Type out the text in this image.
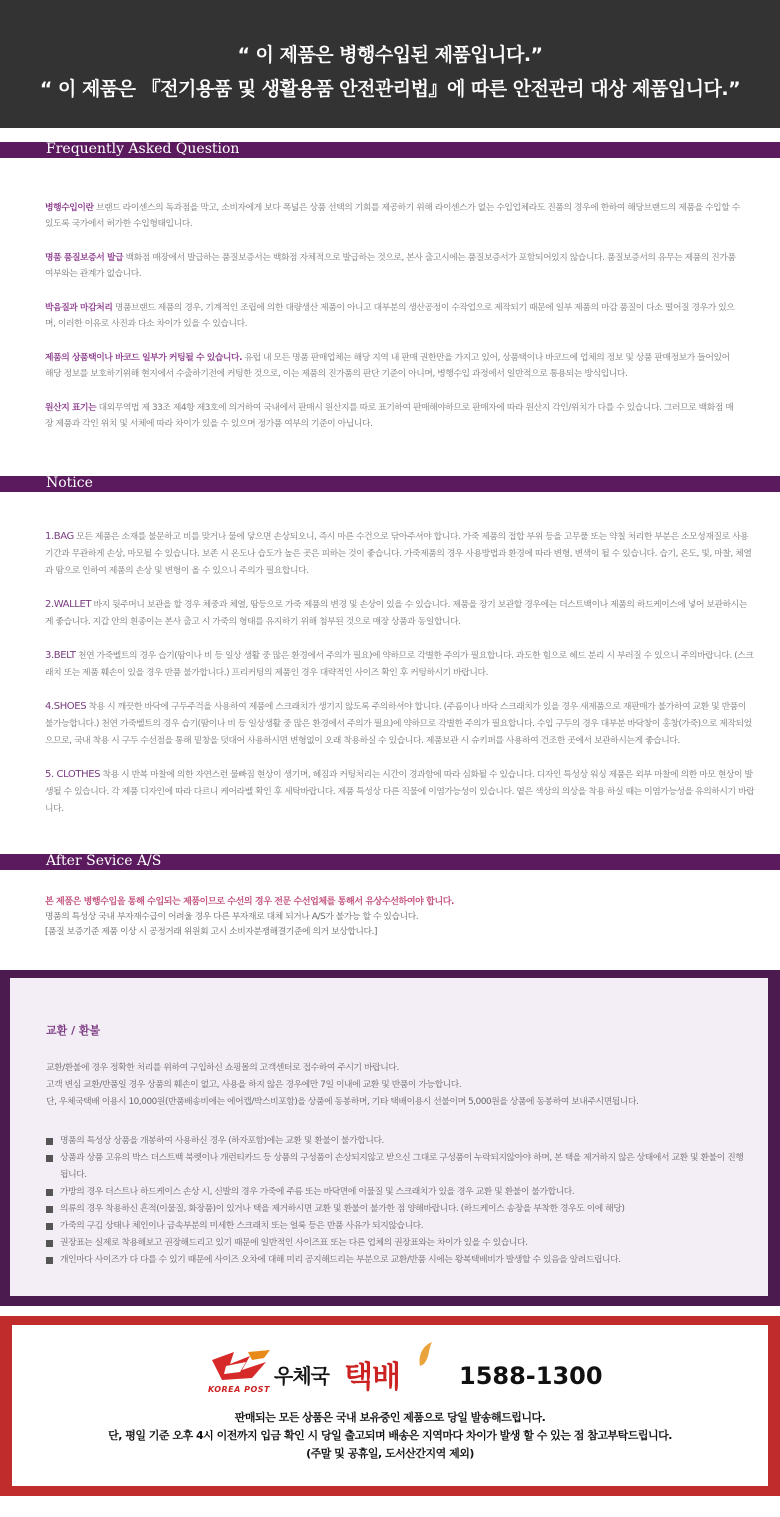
“ 이 제품은 병행수입된 제품입니다.”

“ 이 제품은 『전기용품 및 생활용품 안전관리법』에 따른 안전관리 대상 제품입니다.”

Frequently Asked Question

병행수입이란 브랜드 라이센스의 독과점을 막고, 소비자에게 보다 폭넓은 상품 선택의 기회를 제공하기 위해 라이센스가 없는 수입업체라도 진품의 경우에 한하여 해당브랜드의 제품을 수입할 수 있도록 국가에서 허가한 수입형태입니다.

명품 품질보증서 발급 백화점 매장에서 발급하는 품질보증서는 백화점 자체적으로 발급하는 것으로, 본사 출고시에는 품질보증서가 포함되어있지 않습니다. 품질보증서의 유무는 제품의 진가품 여부와는 관계가 없습니다.

박음질과 마감처리 명품브랜드 제품의 경우, 기계적인 조립에 의한 대량생산 제품이 아니고 대부분의 생산공정이 수작업으로 제작되기 때문에 일부 제품의 마감 품질이 다소 떨어질 경우가 있으며, 이러한 이유로 사진과 다소 차이가 있을 수 있습니다.

제품의 상품택이나 바코드 일부가 커팅될 수 있습니다. 유럽 내 모든 명품 판매업체는 해당 지역 내 판매 권한만을 가지고 있어, 상품택이나 바코드에 업체의 정보 및 상품 판매정보가 들어있어 해당 정보를 보호하기위해 현지에서 수출하기전에 커팅한 것으로, 이는 제품의 진가품의 판단 기준이 아니며, 병행수입 과정에서 일반적으로 통용되는 방식입니다.

원산지 표기는 대외무역법 제 33조 제4항 제3호에 의거하여 국내에서 판매시 원산지를 따로 표기하여 판매해야하므로 판매자에 따라 원산지 각인/위치가 다를 수 있습니다. 그러므로 백화점 매장 제품과 각인 위치 및 서체에 따라 차이가 있을 수 있으며 정가품 여부의 기준이 아닙니다.

Notice

1.BAG 모든 제품은 소재를 불문하고 비를 맞거나 물에 닿으면 손상되오니, 즉시 마른 수건으로 닦아주셔야 합니다. 가죽 제품의 접합 부위 등을 고무풀 또는 약칠 처리한 부분은 소모성재질로 사용기간과 무관하게 손상, 마모될 수 있습니다. 보존 시 온도나 습도가 높은 곳은 피하는 것이 좋습니다. 가죽제품의 경우 사용방법과 환경에 따라 변형, 변색이 될 수 있습니다. 습기, 온도, 빛, 마찰, 체열과 땀으로 인하여 제품의 손상 및 변형이 올 수 있으니 주의가 필요합니다.

2.WALLET 바지 뒷주머니 보관을 할 경우 체중과 체열, 땀등으로 가죽 제품의 변경 및 손상이 있을 수 있습니다. 제품을 장기 보관할 경우에는 더스트백이나 제품의 하드케이스에 넣어 보관하시는 게 좋습니다. 지갑 안의 흰종이는 본사 출고 시 가죽의 형태를 유지하기 위해 첨부된 것으로 매장 상품과 동일합니다.

3.BELT 천연 가죽벨트의 경우 습기(땀이나 비 등 일상 생활 중 많은 환경에서 주의가 필요)에 약하므로 각별한 주의가 필요합니다. 과도한 힘으로 헤드 분리 시 부러질 수 있으니 주의바랍니다. (스크래치 또는 제품 훼손이 있을 경우 반품 불가합니다.) 프리커팅의 제품인 경우 대략적인 사이즈 확인 후 커팅하시기 바랍니다.

4.SHOES 착용 시 깨끗한 바닥에 구두주걱을 사용하여 제품에 스크래치가 생기지 않도록 주의하셔야 합니다. (주름이나 바닥 스크래치가 있을 경우 새제품으로 재판매가 불가하여 교환 및 반품이 불가능합니다.) 천연 가죽벨트의 경우 습기(땀이나 비 등 일상생활 중 많은 환경에서 주의가 필요)에 약하므로 각별한 주의가 필요합니다. 수입 구두의 경우 대부분 바닥창이 홍창(가죽)으로 제작되었으므로, 국내 착용 시 구두 수선점을 통해 밑창을 덧대어 사용하시면 변형없이 오래 착용하실 수 있습니다. 제품보관 시 슈키퍼를 사용하여 건조한 곳에서 보관하시는게 좋습니다.

5. CLOTHES 착용 시 반복 마찰에 의한 자연스런 물빠짐 현상이 생기며, 헤짐과 커팅처리는 시간이 경과함에 따라 심화될 수 있습니다. 디자인 특성상 워싱 제품은 외부 마찰에 의한 마모 현상이 발생될 수 있습니다. 각 제품 디자인에 따라 다르니 케어라벨 확인 후 세탁바랍니다. 제품 특성상 다른 직물에 이염가능성이 있습니다. 옅은 색상의 의상을 착용 하실 때는 이염가능성을 유의하시기 바랍니다.

After Sevice A/S

본 제품은 병행수입을 통해 수입되는 제품이므로 수선의 경우 전문 수선업체를 통해서 유상수선하여야 합니다.

명품의 특성상 국내 부자재수급이 어려울 경우 다른 부자재로 대체 되거나 A/S가 불가능 할 수 있습니다.

[품질 보증기준 제품 이상 시 공정거래 위원회 고시 소비자분쟁해결기준에 의거 보상합니다.]

교환 / 환불

교환/환불에 경우 정확한 처리를 위하여 구입하신 쇼핑몰의 고객센터로 접수하여 주시기 바랍니다.

고객 변심 교환/반품일 경우 상품의 훼손이 없고, 사용을 하지 않은 경우에만 7일 이내에 교환 및 반품이 가능합니다.

단, 우체국택배 이용시 10,000원(반품배송비에는 에어캡/박스비포함)을 상품에 동봉하며, 기타 택배이용시 선불이며 5,000원을 상품에 동봉하여 보내주시면됩니다.

명품의 특성상 상품을 개봉하여 사용하신 경우 (하자포함)에는 교환 및 환불이 불가합니다.
상품과 상품 고유의 박스 더스트백 북렛이나 개런티카드 등 상품의 구성품이 손상되지않고 받으신 그대로 구성품이 누락되지않아야 하며, 본 택을 제거하지 않은 상태에서 교환 및 환불이 진행됩니다.
가방의 경우 더스트나 하드케이스 손상 시, 신발의 경우 가죽에 주름 또는 바닥면에 이물질 및 스크래치가 있을 경우 교환 및 환불이 불가합니다.
의류의 경우 착용하신 흔적(이물질, 화장품)이 있거나 택을 제거하시면 교환 및 환불이 불가한 점 양해바랍니다. (하드케이스 송장을 부착한 경우도 이에 해당)
가죽의 구김 상태나 체인이나 금속부분의 미세한 스크래치 또는 얼룩 등은 반품 사유가 되지않습니다.
권장표는 실제로 착용해보고 권장해드리고 있기 때문에 일반적인 사이즈표 또는 다른 업체의 권장표와는 차이가 있을 수 있습니다.
개인마다 사이즈가 다 다를 수 있기 때문에 사이즈 오차에 대해 미리 공지해드리는 부분으로 교환/반품 시에는 왕복택배비가 발생할 수 있음을 알려드립니다.
KOREA POST
우체국 택배 1588-1300

판매되는 모든 상품은 국내 보유중인 제품으로 당일 발송해드립니다.

단, 평일 기준 오후 4시 이전까지 입금 확인 시 당일 출고되며 배송은 지역마다 차이가 발생 할 수 있는 점 참고부탁드립니다.

(주말 및 공휴일, 도서산간지역 제외)
